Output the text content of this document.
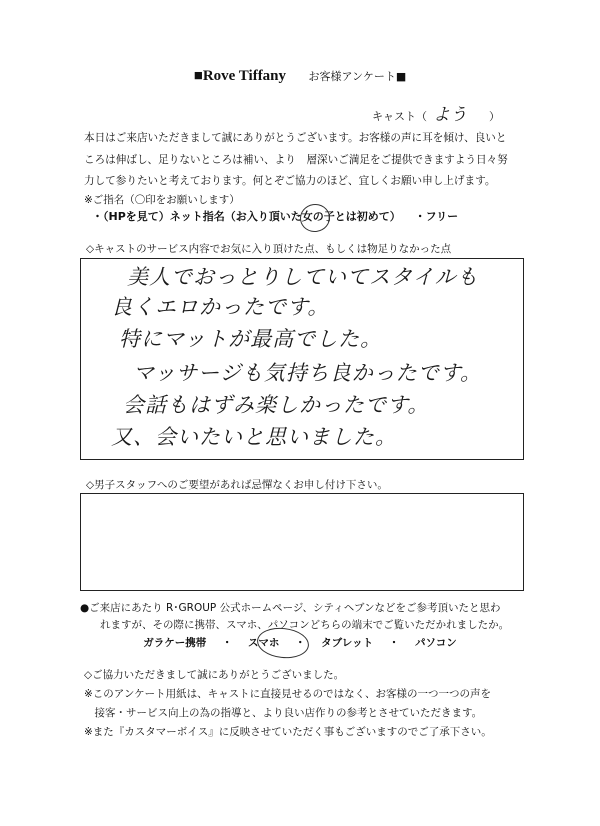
■Rove Tiffany お客様アンケート■
キャスト（ よう ）
本日はご来店いただきまして誠にありがとうございます。お客様の声に耳を傾け、良いと
ころは伸ばし、足りないところは補い、より　層深いご満足をご提供できますよう日々努
力して参りたいと考えております。何とぞご協力のほど、宜しくお願い申し上げます。
※ご指名（〇印をお願いします）
・（HPを見て）ネット指名（お入り頂いた女の子とは初めて） ・フリー
◇キャストのサービス内容でお気に入り頂けた点、もしくは物足りなかった点
美人でおっとりしていてスタイルも
良くエロかったです。
特にマットが最高でした。
マッサージも気持ち良かったです。
会話もはずみ楽しかったです。
又、会いたいと思いました。
◇男子スタッフへのご要望があれば忌憚なくお申し付け下さい。
●ご来店にあたり R･GROUP 公式ホームページ、シティヘブンなどをご参考頂いたと思わ
れますが、その際に携帯、スマホ、パソコンどちらの端末でご覧いただかれましたか。
ガラケー携帯 ・ スマホ ・ タブレット ・ パソコン
◇ご協力いただきまして誠にありがとうございました。
※このアンケート用紙は、キャストに直接見せるのではなく、お客様の一つ一つの声を
　接客・サービス向上の為の指導と、より良い店作りの参考とさせていただきます。
※また『カスタマーボイス』に反映させていただく事もございますのでご了承下さい。
